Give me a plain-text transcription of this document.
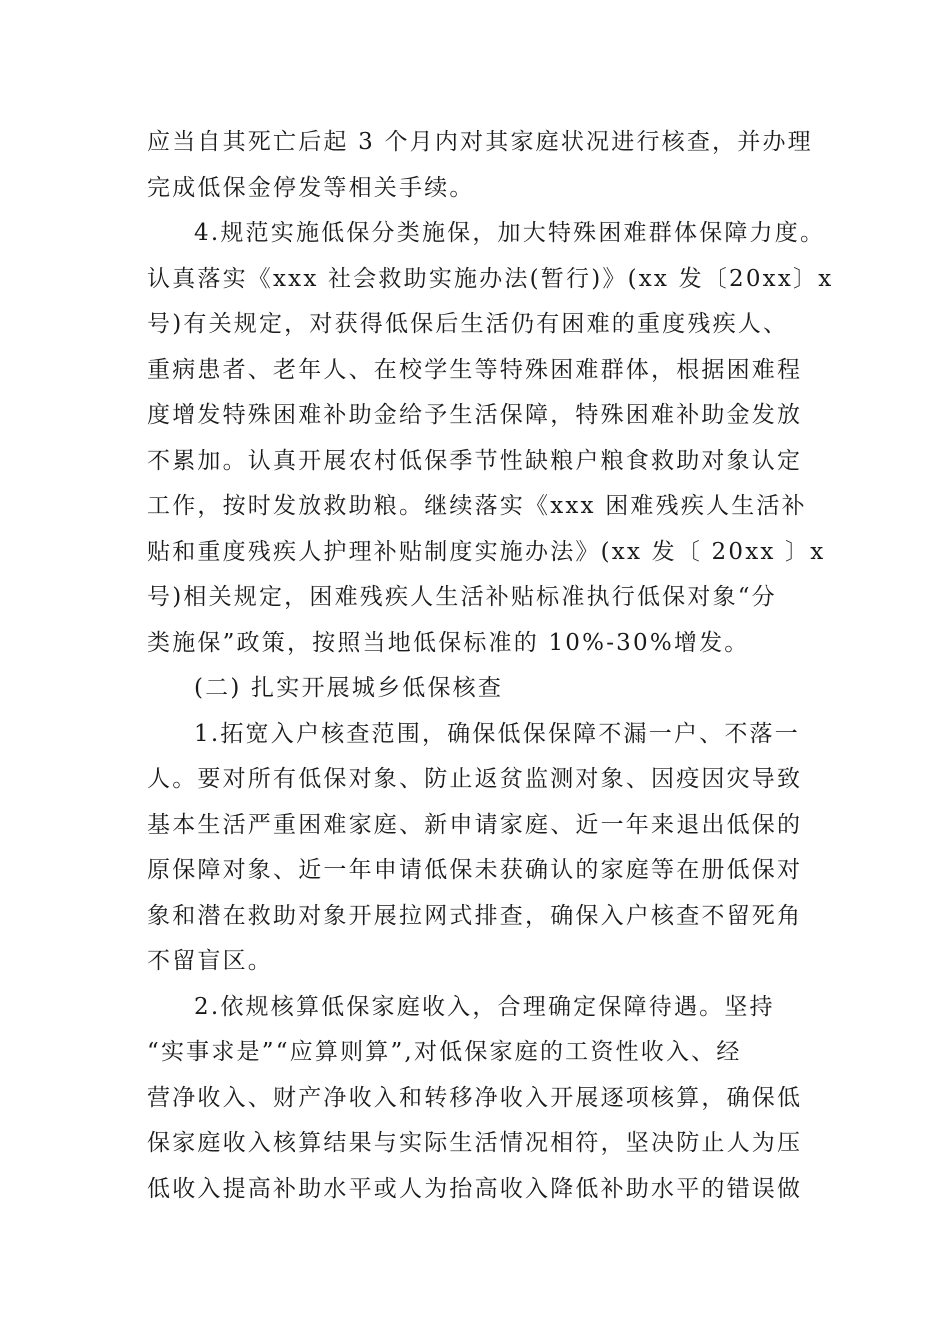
应当自其死亡后起 3 个月内对其家庭状况进行核查，并办理
完成低保金停发等相关手续。
4.规范实施低保分类施保，加大特殊困难群体保障力度。
认真落实《xxx 社会救助实施办法(暂行)》(xx 发〔20xx〕x
号)有关规定，对获得低保后生活仍有困难的重度残疾人、
重病患者、老年人、在校学生等特殊困难群体，根据困难程
度增发特殊困难补助金给予生活保障，特殊困难补助金发放
不累加。认真开展农村低保季节性缺粮户粮食救助对象认定
工作，按时发放救助粮。继续落实《xxx 困难残疾人生活补
贴和重度残疾人护理补贴制度实施办法》(xx 发〔 20xx 〕x
号)相关规定，困难残疾人生活补贴标准执行低保对象“分
类施保”政策，按照当地低保标准的 10%-30%增发。
(二) 扎实开展城乡低保核查
1.拓宽入户核查范围，确保低保保障不漏一户、不落一
人。要对所有低保对象、防止返贫监测对象、因疫因灾导致
基本生活严重困难家庭、新申请家庭、近一年来退出低保的
原保障对象、近一年申请低保未获确认的家庭等在册低保对
象和潜在救助对象开展拉网式排查，确保入户核查不留死角
不留盲区。
2.依规核算低保家庭收入，合理确定保障待遇。坚持
“实事求是”“应算则算”,对低保家庭的工资性收入、经
营净收入、财产净收入和转移净收入开展逐项核算，确保低
保家庭收入核算结果与实际生活情况相符，坚决防止人为压
低收入提高补助水平或人为抬高收入降低补助水平的错误做
